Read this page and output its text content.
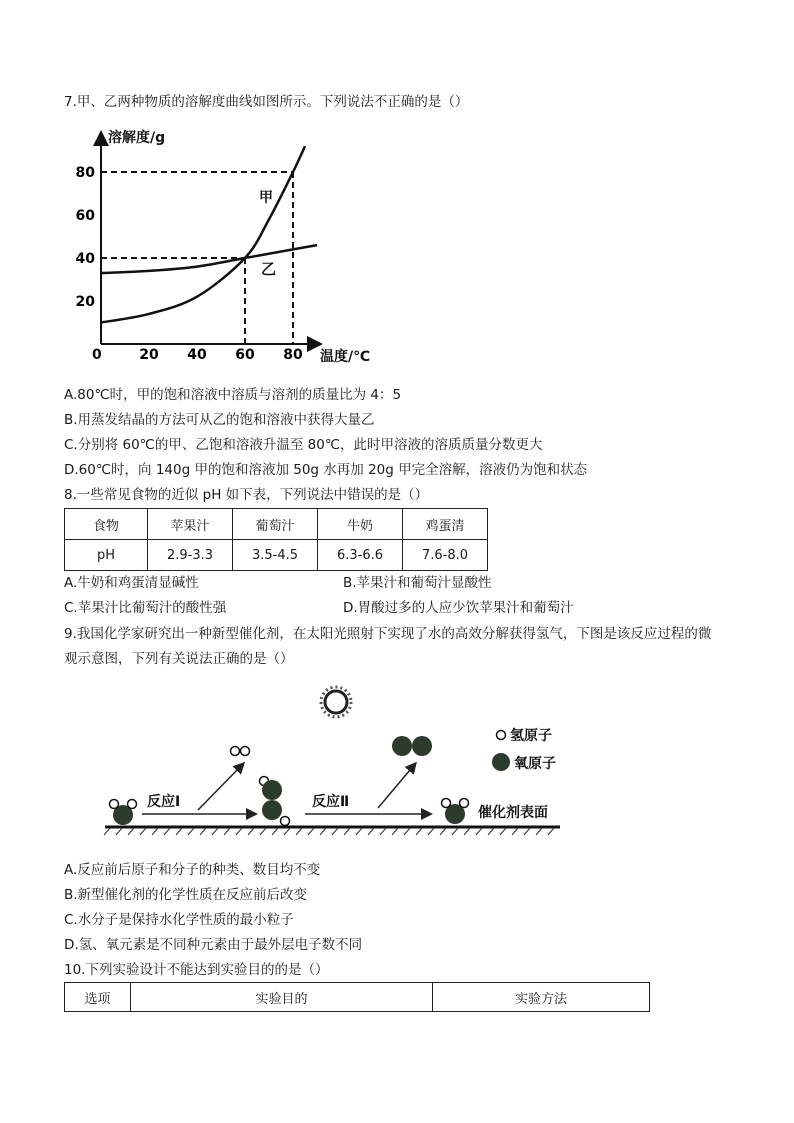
7.甲、乙两种物质的溶解度曲线如图所示。下列说法不正确的是（）
溶解度/g
温度/℃
0	20 40 60 80
20
40
60
80
甲
乙
A.80℃时，甲的饱和溶液中溶质与溶剂的质量比为 4：5
B.用蒸发结晶的方法可从乙的饱和溶液中获得大量乙
C.分别将 60℃的甲、乙饱和溶液升温至 80℃，此时甲溶液的溶质质量分数更大
D.60℃时，向 140g 甲的饱和溶液加 50g 水再加 20g 甲完全溶解，溶液仍为饱和状态
8.一些常见食物的近似 pH 如下表，下列说法中错误的是（）
食物	苹果汁	葡萄汁	牛奶	鸡蛋清
pH	2.9-3.3	3.5-4.5	6.3-6.6	7.6-8.0
A.牛奶和鸡蛋清显碱性	B.苹果汁和葡萄汁显酸性
C.苹果汁比葡萄汁的酸性强	D.胃酸过多的人应少饮苹果汁和葡萄汁
9.我国化学家研究出一种新型催化剂，在太阳光照射下实现了水的高效分解获得氢气，下图是该反应过程的微
观示意图，下列有关说法正确的是（）
反应Ⅰ	反应Ⅱ
催化剂表面
氢原子
氧原子
A.反应前后原子和分子的种类、数目均不变
B.新型催化剂的化学性质在反应前后改变
C.水分子是保持水化学性质的最小粒子
D.氢、氧元素是不同种元素由于最外层电子数不同
10.下列实验设计不能达到实验目的的是（）
选项	实验目的	实验方法
